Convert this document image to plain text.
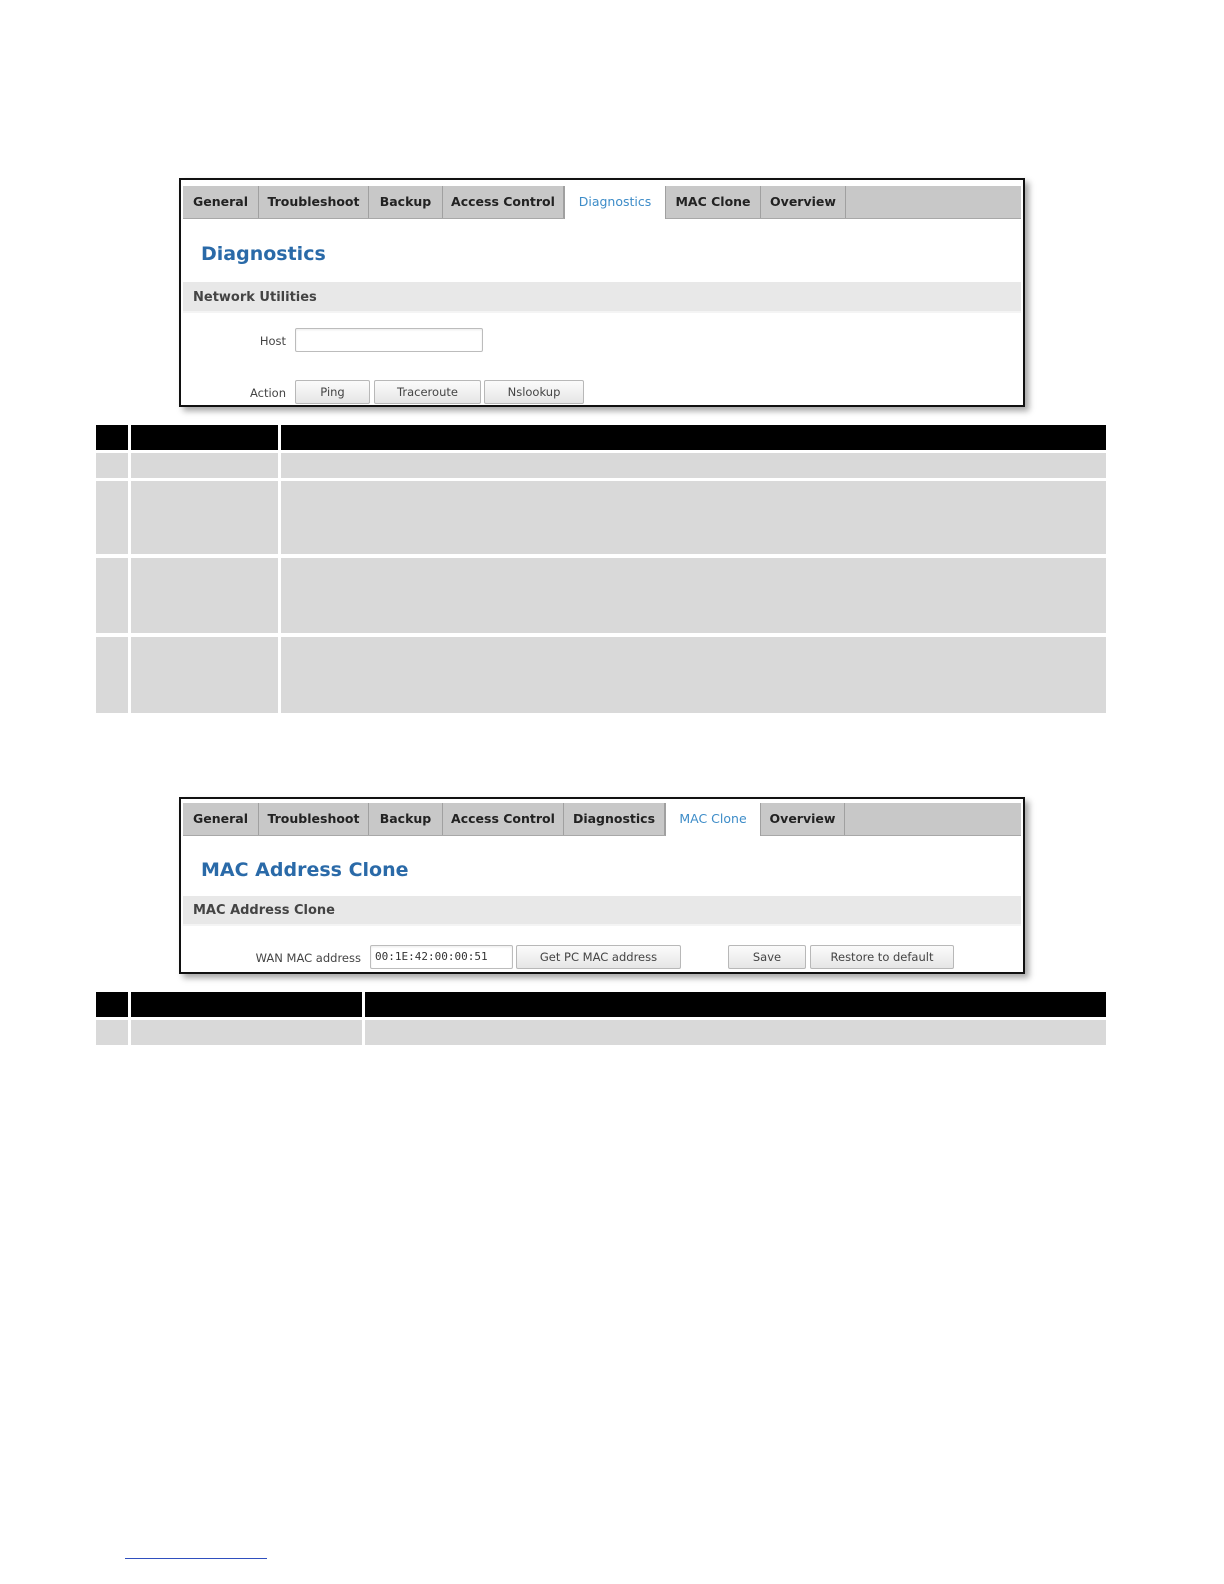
General	Troubleshoot	Backup	Access Control	Diagnostics	MAC Clone	Overview
Diagnostics
Network Utilities
Host
Action	Ping	Traceroute	Nslookup
General	Troubleshoot	Backup	Access Control	Diagnostics	MAC Clone	Overview
MAC Address Clone
MAC Address Clone
WAN MAC address	00:1E:42:00:00:51	Get PC MAC address	Save	Restore to default
